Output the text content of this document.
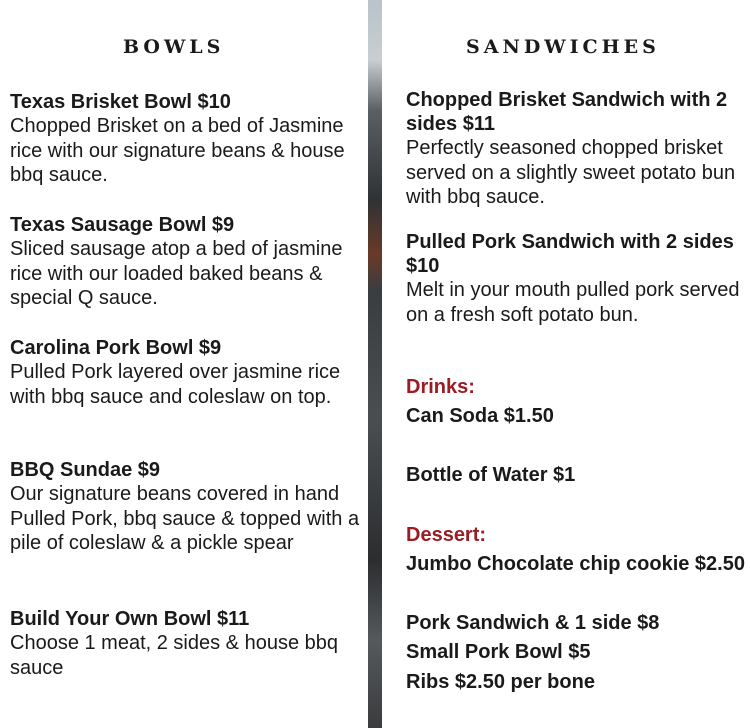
BOWLS
Texas Brisket Bowl $10
Chopped Brisket on a bed of Jasmine rice with our signature beans & house bbq sauce.
Texas Sausage Bowl $9
Sliced sausage atop a bed of jasmine rice with our loaded baked beans & special Q sauce.
Carolina Pork Bowl $9
Pulled Pork layered over jasmine rice with bbq sauce and coleslaw on top.
BBQ Sundae $9
Our signature beans covered in hand Pulled Pork, bbq sauce & topped with a pile of coleslaw & a pickle spear
Build Your Own Bowl $11
Choose 1 meat, 2 sides & house bbq sauce
SANDWICHES
Chopped Brisket Sandwich with 2 sides $11
Perfectly seasoned chopped brisket served on a slightly sweet potato bun with bbq sauce.
Pulled Pork Sandwich with 2 sides $10
Melt in your mouth pulled pork served on a fresh soft potato bun.
Drinks:
Can Soda $1.50
Bottle of Water $1
Dessert:
Jumbo Chocolate chip cookie $2.50
Pork Sandwich & 1 side $8
Small Pork Bowl $5
Ribs $2.50 per bone
